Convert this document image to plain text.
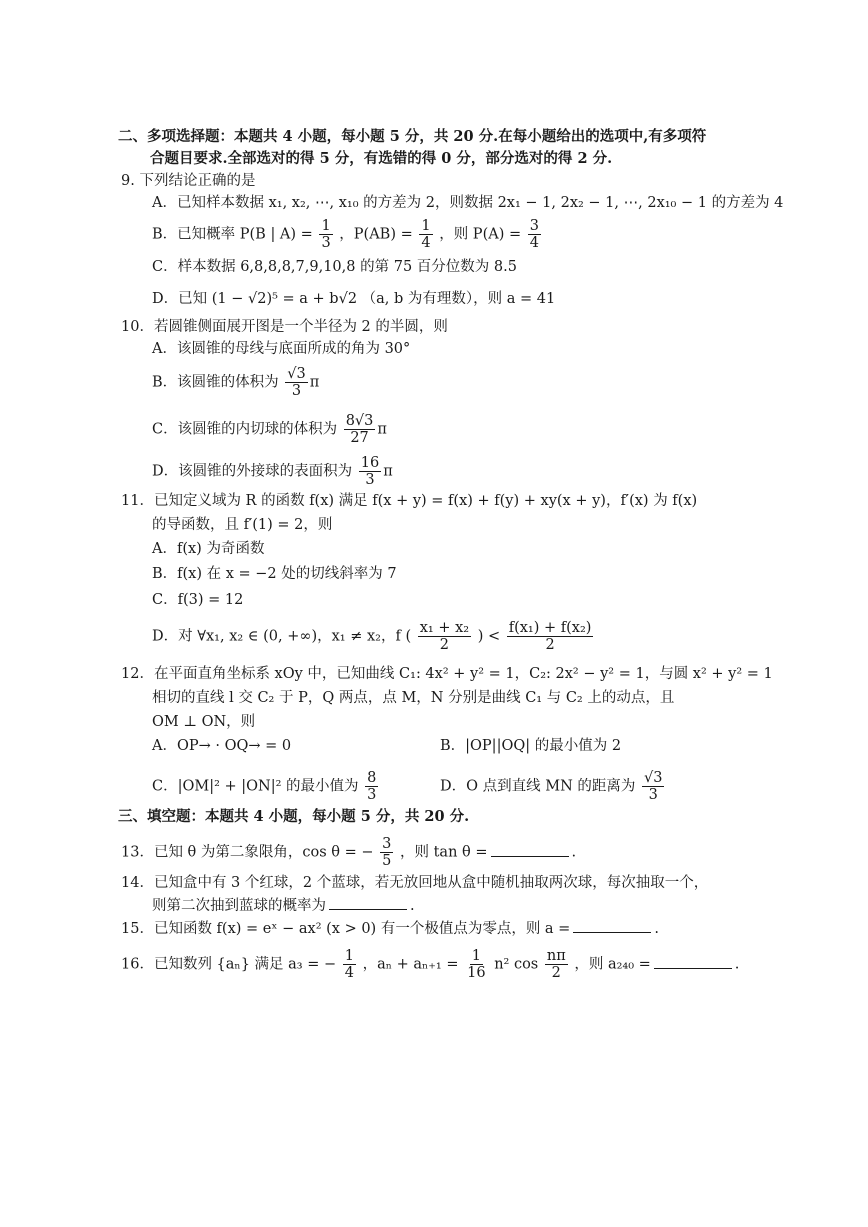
二、多项选择题：本题共 4 小题，每小题 5 分，共 20 分.在每小题给出的选项中,有多项符
合题目要求.全部选对的得 5 分，有选错的得 0 分，部分选对的得 2 分.
9. 下列结论正确的是
A．已知样本数据 x₁, x₂, ⋯, x₁₀ 的方差为 2，则数据 2x₁ − 1, 2x₂ − 1, ⋯, 2x₁₀ − 1 的方差为 4
B．已知概率 P(B | $A) = \frac{1}{3}$ ，$P(AB) = \frac{1}{4}$ ，则 $P(A) = \frac{3}{4}$
C．样本数据 6,8,8,8,7,9,10,8 的第 75 百分位数为 8.5
D．已知 (1 − √2)⁵ = a + b√2 （a, b 为有理数），则 a = 41
10．若圆锥侧面展开图是一个半径为 2 的半圆，则
A．该圆锥的母线与底面所成的角为 30°
B．该圆锥的体积为 $\frac{√3}{3}$ π
C．该圆锥的内切球的体积为 $\frac{8√3}{27}$ π
D．该圆锥的外接球的表面积为 $\frac{16}{3}$ π
11．已知定义域为 R 的函数 f(x) 满足 f(x + y) = f(x) + f(y) + xy(x + y)，f′(x) 为 f(x)
的导函数，且 f′(1) = 2，则
A．f(x) 为奇函数
B．f(x) 在 x = −2 处的切线斜率为 7
C．f(3) = 12
D．对 ∀x₁, x₂ ∈ (0, +∞)，x₁ ≠ x₂，f ( $\frac{\text{x₁ + x₂}}{2}$ ) < $\frac{\text{f(x₁) + f(x₂)}}{2}$
12．在平面直角坐标系 xOy 中，已知曲线 C₁: 4x² + y² = 1，C₂: 2x² − y² = 1，与圆 x² + y² = 1
相切的直线 l 交 C₂ 于 P，Q 两点，点 M，N 分别是曲线 C₁ 与 C₂ 上的动点，且
OM ⊥ ON，则
A．OP→ · OQ→ = 0	B．|OP||OQ| 的最小值为 2
C．|OM|² + |ON|² 的最小值为 $\frac{8}{3}$	D．O 点到直线 MN 的距离为 $\frac{√3}{3}$
三、填空题：本题共 4 小题，每小题 5 分，共 20 分.
13．已知 θ 为第二象限角，cos θ = − $\frac{3}{5}$ ，则 tan θ =	.
14．已知盒中有 3 个红球，2 个蓝球，若无放回地从盒中随机抽取两次球，每次抽取一个，
则第二次抽到蓝球的概率为	.
15．已知函数 f(x) = eˣ − ax² (x > 0) 有一个极值点为零点，则 a =	.
16．已知数列 {aₙ} 满足 a₃ = − $\frac{1}{4}$ ，$a_n + a_{n+1} = \frac{1}{16} n^2$ $\cos \frac{n\pi}{2}$ ，则 a₂₄₀ =	.
